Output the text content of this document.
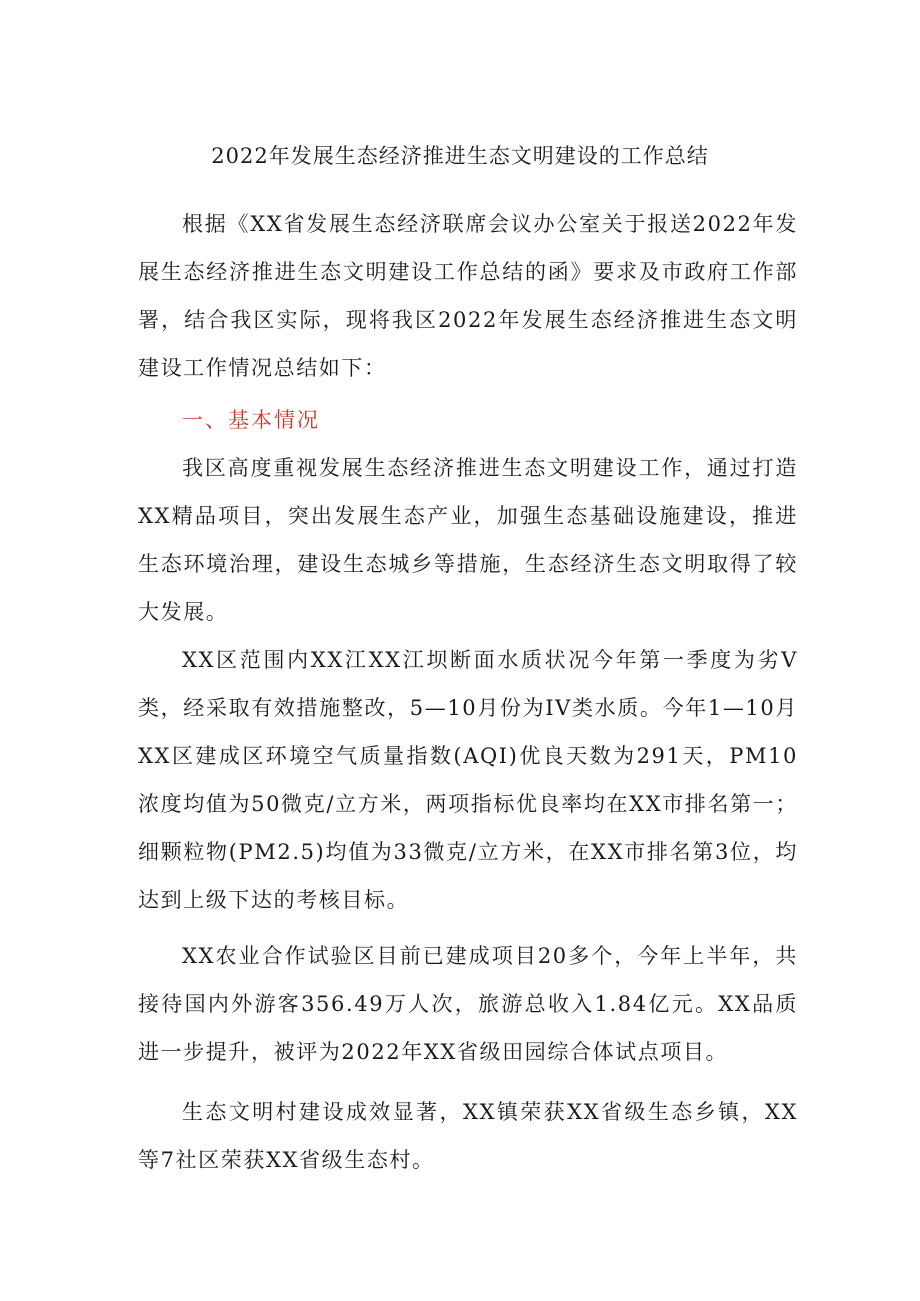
2022年发展生态经济推进生态文明建设的工作总结

根据《XX省发展生态经济联席会议办公室关于报送2022年发展生态经济推进生态文明建设工作总结的函》要求及市政府工作部署，结合我区实际，现将我区2022年发展生态经济推进生态文明建设工作情况总结如下：

一、基本情况

我区高度重视发展生态经济推进生态文明建设工作，通过打造XX精品项目，突出发展生态产业，加强生态基础设施建设，推进生态环境治理，建设生态城乡等措施，生态经济生态文明取得了较大发展。

XX区范围内XX江XX江坝断面水质状况今年第一季度为劣V类，经采取有效措施整改，5—10月份为IV类水质。今年1—10月XX区建成区环境空气质量指数(AQI)优良天数为291天，PM10浓度均值为50微克/立方米，两项指标优良率均在XX市排名第一；细颗粒物(PM2.5)均值为33微克/立方米，在XX市排名第3位，均达到上级下达的考核目标。

XX农业合作试验区目前已建成项目20多个，今年上半年，共接待国内外游客356.49万人次，旅游总收入1.84亿元。XX品质进一步提升，被评为2022年XX省级田园综合体试点项目。

生态文明村建设成效显著，XX镇荣获XX省级生态乡镇，XX等7社区荣获XX省级生态村。
